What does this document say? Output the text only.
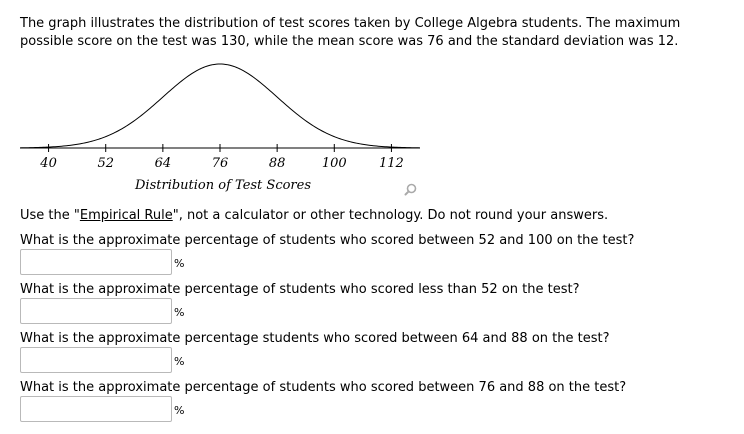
The graph illustrates the distribution of test scores taken by College Algebra students. The maximum possible score on the test was 130, while the mean score was 76 and the standard deviation was 12.
40	52	64	76	88	100 112
Distribution of Test Scores
Use the "Empirical Rule", not a calculator or other technology. Do not round your answers.
What is the approximate percentage of students who scored between 52 and 100 on the test?
%
What is the approximate percentage of students who scored less than 52 on the test?
%
What is the approximate percentage students who scored between 64 and 88 on the test?
%
What is the approximate percentage of students who scored between 76 and 88 on the test?
%
